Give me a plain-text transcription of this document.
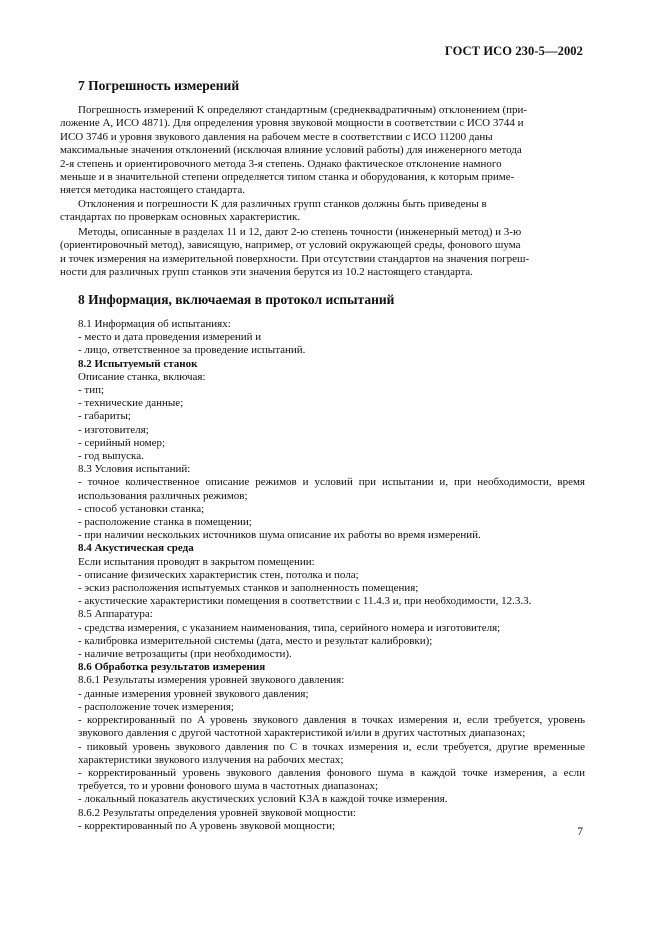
ГОСТ ИСО 230-5—2002
7 Погрешность измерений

Погрешность измерений K определяют стандартным (среднеквадратичным) отклонением (при-
ложение А, ИСО 4871). Для определения уровня звуковой мощности в соответствии с ИСО 3744 и
ИСО 3746 и уровня звукового давления на рабочем месте в соответствии с ИСО 11200 даны
максимальные значения отклонений (исключая влияние условий работы) для инженерного метода
2-я степень и ориентировочного метода 3-я степень. Однако фактическое отклонение намного
меньше и в значительной степени определяется типом станка и оборудования, к которым приме-
няется методика настоящего стандарта.

Отклонения и погрешности K для различных групп станков должны быть приведены в
стандартах по проверкам основных характеристик.

Методы, описанные в разделах 11 и 12, дают 2-ю степень точности (инженерный метод) и 3-ю
(ориентировочный метод), зависящую, например, от условий окружающей среды, фонового шума
и точек измерения на измерительной поверхности. При отсутствии стандартов на значения погреш-
ности для различных групп станков эти значения берутся из 10.2 настоящего стандарта.

8 Информация, включаемая в протокол испытаний
8.1 Информация об испытаниях:
- место и дата проведения измерений и
- лицо, ответственное за проведение испытаний.
8.2 Испытуемый станок
Описание станка, включая:
- тип;
- технические данные;
- габариты;
- изготовителя;
- серийный номер;
- год выпуска.
8.3 Условия испытаний:
- точное количественное описание режимов и условий при испытании и, при необходимости, время использования различных режимов;
- способ установки станка;
- расположение станка в помещении;
- при наличии нескольких источников шума описание их работы во время измерений.
8.4 Акустическая среда
Если испытания проводят в закрытом помещении:
- описание физических характеристик стен, потолка и пола;
- эскиз расположения испытуемых станков и заполненность помещения;
- акустические характеристики помещения в соответствии с 11.4.3 и, при необходимости, 12.3.3.
8.5 Аппаратура:
- средства измерения, с указанием наименования, типа, серийного номера и изготовителя;
- калибровка измерительной системы (дата, место и результат калибровки);
- наличие ветрозащиты (при необходимости).
8.6 Обработка результатов измерения
8.6.1 Результаты измерения уровней звукового давления:
- данные измерения уровней звукового давления;
- расположение точек измерения;
- корректированный по A уровень звукового давления в точках измерения и, если требуется, уровень звукового давления с другой частотной характеристикой и/или в других частотных диапазонах;
- пиковый уровень звукового давления по C в точках измерения и, если требуется, другие временные характеристики звукового излучения на рабочих местах;
- корректированный уровень звукового давления фонового шума в каждой точке измерения, а если требуется, то и уровни фонового шума в частотных диапазонах;
- локальный показатель акустических условий K3A в каждой точке измерения.
8.6.2 Результаты определения уровней звуковой мощности:
- корректированный по A уровень звуковой мощности;
7
